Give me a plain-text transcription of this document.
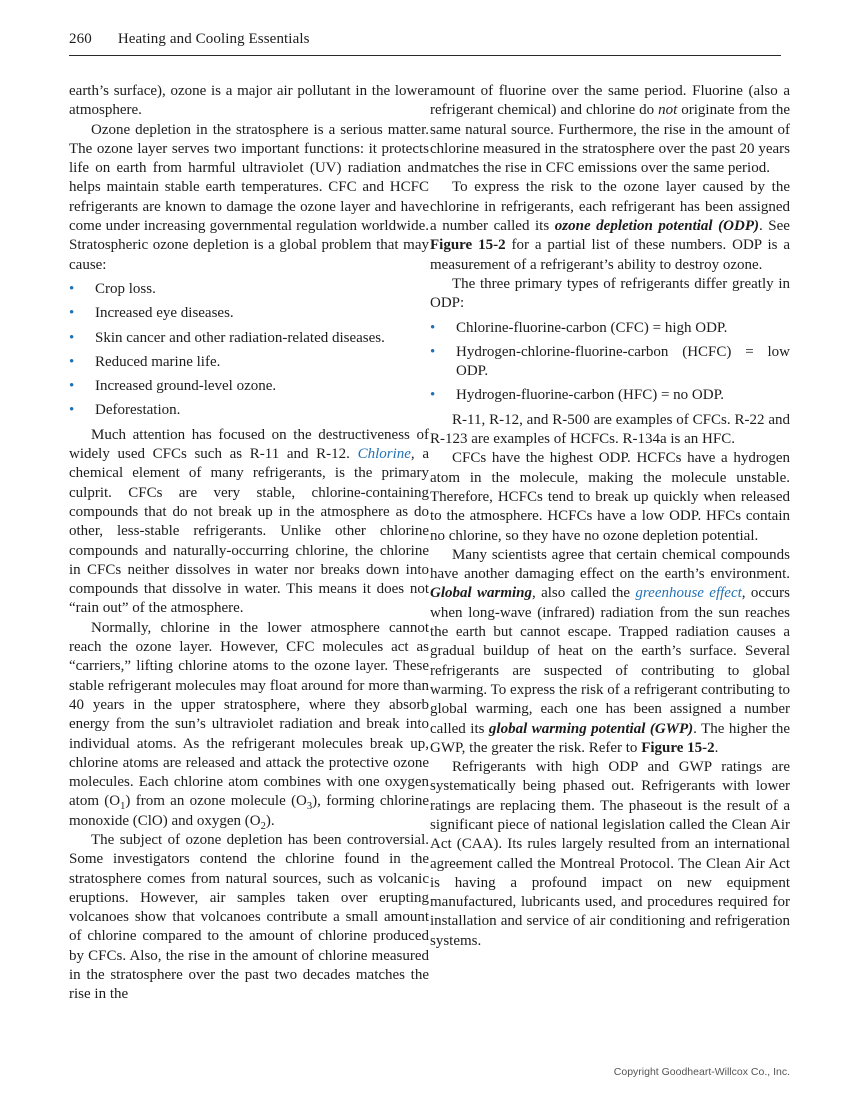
260 Heating and Cooling Essentials

earth’s surface), ozone is a major air pollutant in the lower atmosphere.

Ozone depletion in the stratosphere is a serious matter. The ozone layer serves two important functions: it protects life on earth from harmful ultraviolet (UV) radiation and helps maintain stable earth temperatures. CFC and HCFC refrigerants are known to damage the ozone layer and have come under increasing governmental regulation worldwide. Stratospheric ozone depletion is a global problem that may cause:

•	Crop loss.
•	Increased eye diseases.
•	Skin cancer and other radiation-related diseases.
•	Reduced marine life.
•	Increased ground-level ozone.
•	Deforestation.

Much attention has focused on the destructiveness of widely used CFCs such as R-11 and R-12. Chlorine, a chemical element of many refrigerants, is the primary culprit. CFCs are very stable, chlorine-containing compounds that do not break up in the atmosphere as do other, less-stable refrigerants. Unlike other chlorine compounds and naturally-occurring chlorine, the chlorine in CFCs neither dissolves in water nor breaks down into compounds that dissolve in water. This means it does not “rain out” of the atmosphere.

Normally, chlorine in the lower atmosphere cannot reach the ozone layer. However, CFC molecules act as “carriers,” lifting chlorine atoms to the ozone layer. These stable refrigerant molecules may float around for more than 40 years in the upper stratosphere, where they absorb energy from the sun’s ultraviolet radiation and break into individual atoms. As the refrigerant molecules break up, chlorine atoms are released and attack the protective ozone molecules. Each chlorine atom combines with one oxygen atom $(O_1)$ from an ozone molecule $(O_3)$, forming chlorine monoxide (ClO) and oxygen $(O_2)$.

The subject of ozone depletion has been controversial. Some investigators contend the chlorine found in the stratosphere comes from natural sources, such as volcanic eruptions. However, air samples taken over erupting volcanoes show that volcanoes contribute a small amount of chlorine compared to the amount of chlorine produced by CFCs. Also, the rise in the amount of chlorine measured in the stratosphere over the past two decades matches the rise in the

amount of fluorine over the same period. Fluorine (also a refrigerant chemical) and chlorine do not originate from the same natural source. Furthermore, the rise in the amount of chlorine measured in the stratosphere over the past 20 years matches the rise in CFC emissions over the same period.

To express the risk to the ozone layer caused by the chlorine in refrigerants, each refrigerant has been assigned a number called its ozone depletion potential (ODP). See Figure 15-2 for a partial list of these numbers. ODP is a measurement of a refrigerant’s ability to destroy ozone.

The three primary types of refrigerants differ greatly in ODP:

•	Chlorine-fluorine-carbon (CFC) = high ODP.
•	Hydrogen-chlorine-fluorine-carbon (HCFC) = low ODP.
•	Hydrogen-fluorine-carbon (HFC) = no ODP.

R-11, R-12, and R-500 are examples of CFCs. R-22 and R-123 are examples of HCFCs. R-134a is an HFC.

CFCs have the highest ODP. HCFCs have a hydrogen atom in the molecule, making the molecule unstable. Therefore, HCFCs tend to break up quickly when released to the atmosphere. HCFCs have a low ODP. HFCs contain no chlorine, so they have no ozone depletion potential.

Many scientists agree that certain chemical compounds have another damaging effect on the earth’s environment. Global warming, also called the greenhouse effect, occurs when long-wave (infrared) radiation from the sun reaches the earth but cannot escape. Trapped radiation causes a gradual buildup of heat on the earth’s surface. Several refrigerants are suspected of contributing to global warming. To express the risk of a refrigerant contributing to global warming, each one has been assigned a number called its global warming potential (GWP). The higher the GWP, the greater the risk. Refer to Figure 15-2.

Refrigerants with high ODP and GWP ratings are systematically being phased out. Refrigerants with lower ratings are replacing them. The phaseout is the result of a significant piece of national legislation called the Clean Air Act (CAA). Its rules largely resulted from an international agreement called the Montreal Protocol. The Clean Air Act is having a profound impact on new equipment manufactured, lubricants used, and procedures required for installation and service of air conditioning and refrigeration systems.

Copyright Goodheart-Willcox Co., Inc.
